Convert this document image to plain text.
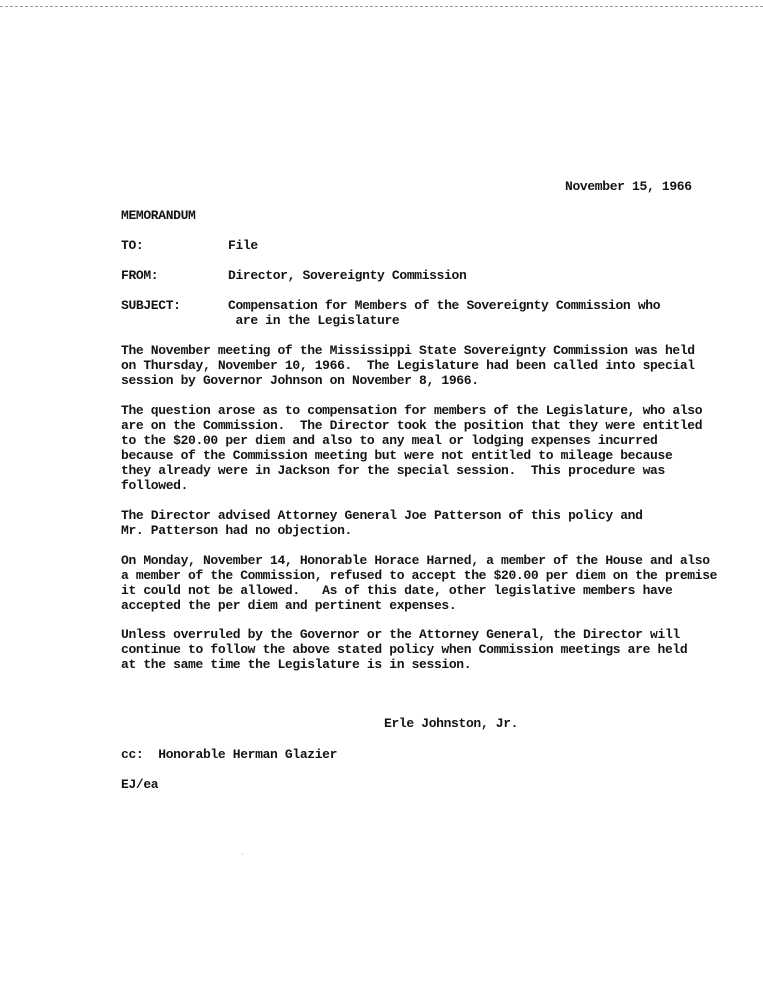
November 15, 1966
MEMORANDUM
TO:	File
FROM:	Director, Sovereignty Commission
SUBJECT:	Compensation for Members of the Sovereignty Commission who
are in the Legislature
The November meeting of the Mississippi State Sovereignty Commission was held
on Thursday, November 10, 1966.  The Legislature had been called into special
session by Governor Johnson on November 8, 1966.
The question arose as to compensation for members of the Legislature, who also
are on the Commission.  The Director took the position that they were entitled
to the $20.00 per diem and also to any meal or lodging expenses incurred
because of the Commission meeting but were not entitled to mileage because
they already were in Jackson for the special session.  This procedure was
followed.
The Director advised Attorney General Joe Patterson of this policy and
Mr. Patterson had no objection.
On Monday, November 14, Honorable Horace Harned, a member of the House and also
a member of the Commission, refused to accept the $20.00 per diem on the premise
it could not be allowed.   As of this date, other legislative members have
accepted the per diem and pertinent expenses.
Unless overruled by the Governor or the Attorney General, the Director will
continue to follow the above stated policy when Commission meetings are held
at the same time the Legislature is in session.
Erle Johnston, Jr.
cc:  Honorable Herman Glazier
EJ/ea
·
